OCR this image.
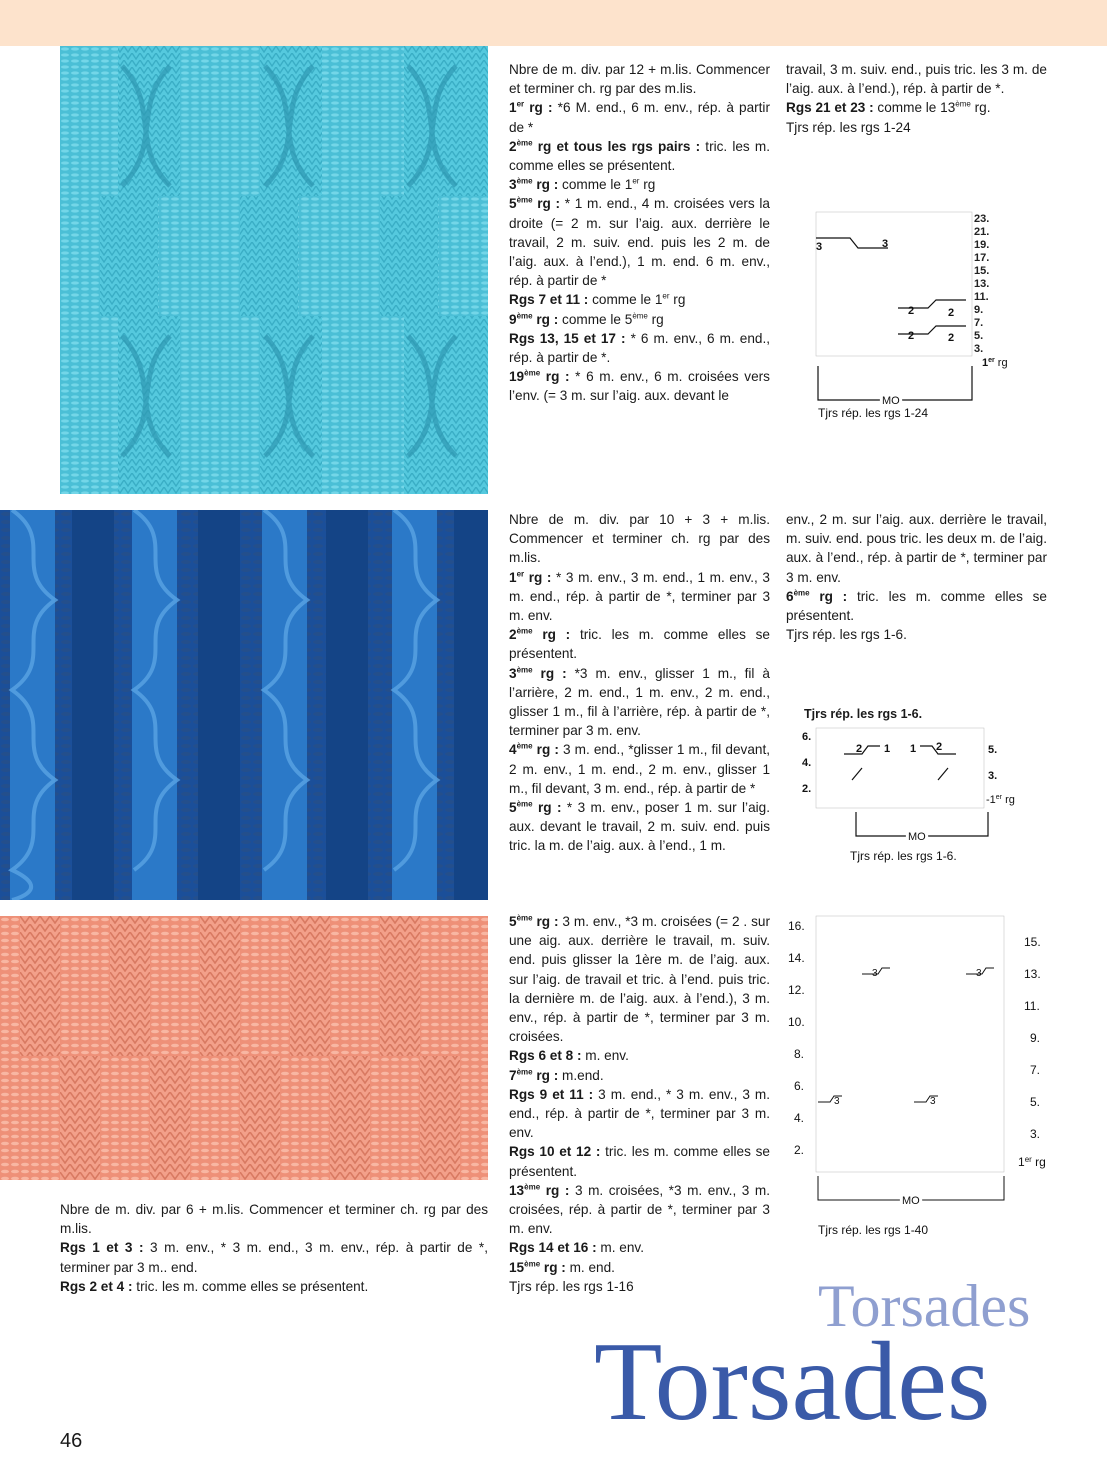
Nbre de m. div. par 12 + m.lis. Commencer et terminer ch. rg par des m.lis.

1er rg : *6 M. end., 6 m. env., rép. à partir de *

2ème rg et tous les rgs pairs : tric. les m. comme elles se présentent.

3ème rg : comme le 1er rg

5ème rg : * 1 m. end., 4 m. croisées vers la droite (= 2 m. sur l’aig. aux. derrière le travail, 2 m. suiv. end. puis les 2 m. de l’aig. aux. à l’end.), 1 m. end. 6 m. env., rép. à partir de *

Rgs 7 et 11 : comme le 1er rg

9ème rg : comme le 5ème rg

Rgs 13, 15 et 17 : * 6 m. env., 6 m. end., rép. à partir de *.

19ème rg : * 6 m. env., 6 m. croisées vers l’env. (= 3 m. sur l’aig. aux. devant le

travail, 3 m. suiv. end., puis tric. les 3 m. de l’aig. aux. à l’end.), rép. à partir de *.

Rgs 21 et 23 : comme le 13ème rg.

Tjrs rép. les rgs 1-24

23.
21.
19.
17.
15.
13.
11.
9.
7.
5.
3.
3	3
2	2
2	2
1er rg
MO
Tjrs rép. les rgs 1-24

Nbre de m. div. par 10 + 3 + m.lis. Commencer et terminer ch. rg par des m.lis.

1er rg : * 3 m. env., 3 m. end., 1 m. env., 3 m. end., rép. à partir de *, terminer par 3 m. env.

2ème rg : tric. les m. comme elles se présentent.

3ème rg : *3 m. env., glisser 1 m., fil à l’arrière, 2 m. end., 1 m. env., 2 m. end., glisser 1 m., fil à l’arrière, rép. à partir de *, terminer par 3 m. env.

4ème rg : 3 m. end., *glisser 1 m., fil devant, 2 m. env., 1 m. end., 2 m. env., glisser 1 m., fil devant, 3 m. end., rép. à partir de *

5ème rg : * 3 m. env., poser 1 m. sur l’aig. aux. devant le travail, 2 m. suiv. end. puis tric. la m. de l’aig. aux. à l’end., 1 m.

env., 2 m. sur l’aig. aux. derrière le travail, m. suiv. end. pous tric. les deux m. de l’aig. aux. à l’end., rép. à partir de *, terminer par 3 m. env.

6ème rg : tric. les m. comme elles se présentent.

Tjrs rép. les rgs 1-6.

Tjrs rép. les rgs 1-6.
6.
4.
2.
5.
3.
2 1 1 2
-1er rg
MO
Tjrs rép. les rgs 1-6.

Nbre de m. div. par 6 + m.lis. Commencer et terminer ch. rg par des m.lis.

Rgs 1 et 3 : 3 m. env., * 3 m. end., 3 m. env., rép. à partir de *, terminer par 3 m.. end.

Rgs 2 et 4 : tric. les m. comme elles se présentent.

5ème rg : 3 m. env., *3 m. croisées (= 2 . sur une aig. aux. derrière le travail, m. suiv. end. puis glisser la 1ère m. de l’aig. aux. sur l’aig. de travail et tric. à l’end. puis tric. la dernière m. de l’aig. aux. à l’end.), 3 m. env., rép. à partir de *, terminer par 3 m. croisées.

Rgs 6 et 8 : m. env.

7ème rg : m.end.

Rgs 9 et 11 : 3 m. end., * 3 m. env., 3 m. end., rép. à partir de *, terminer par 3 m. env.

Rgs 10 et 12 : tric. les m. comme elles se présentent.

13ème rg : 3 m. croisées, *3 m. env., 3 m. croisées, rép. à partir de *, terminer par 3 m. env.

Rgs 14 et 16 : m. env.

15ème rg : m. end.

Tjrs rép. les rgs 1-16

16.
14.
12.
10.
8.
6.
4.
2.
15.
13.
11.
9.
7.
5.
3.
1er rg
3	3
3	3
MO
Tjrs rép. les rgs 1-40
Torsades
Torsades
46
